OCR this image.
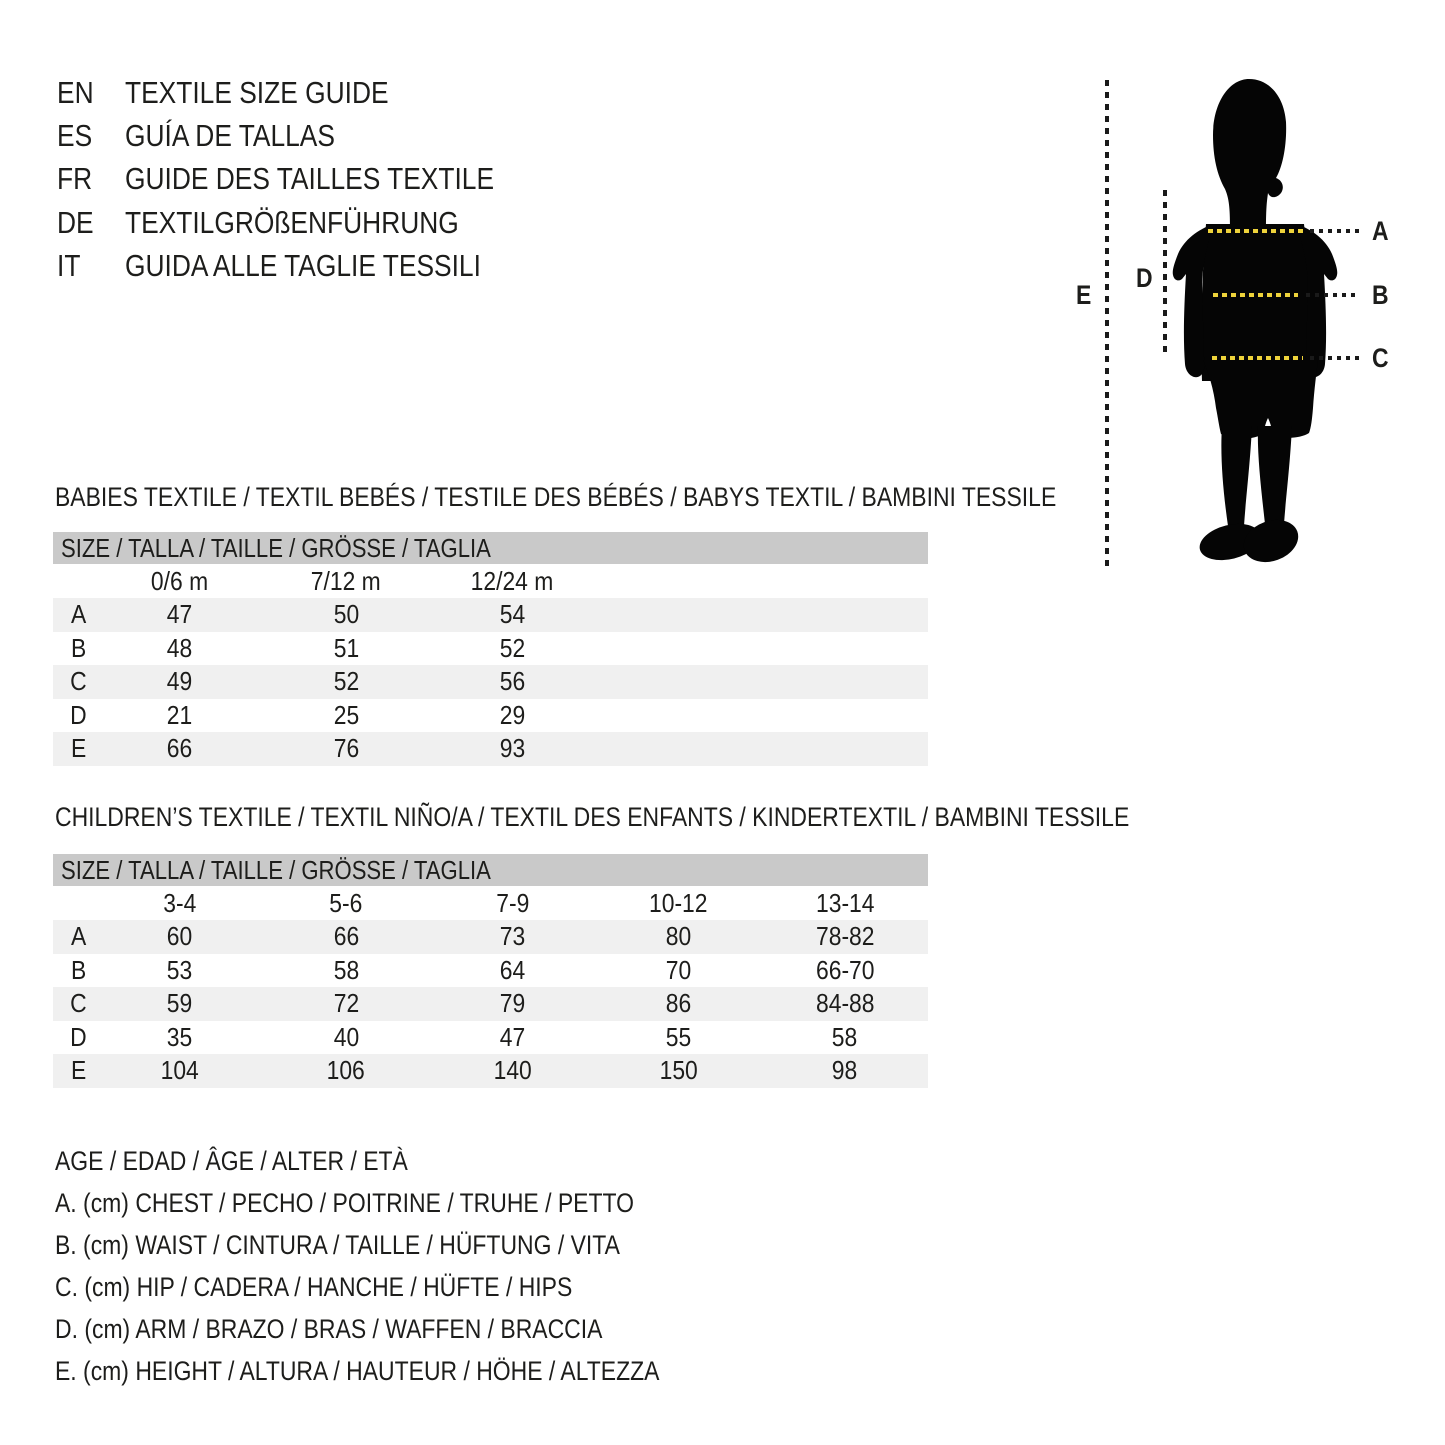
EN	TEXTILE SIZE GUIDE
ES	GUÍA DE TALLAS
FR	GUIDE DES TAILLES TEXTILE
DE	TEXTILGRÖßENFÜHRUNG
IT	GUIDA ALLE TAGLIE TESSILI
A
B
C
D
E
BABIES TEXTILE / TEXTIL BEBÉS / TESTILE DES BÉBÉS / BABYS TEXTIL / BAMBINI TESSILE
SIZE / TALLA / TAILLE / GRÖSSE / TAGLIA
	0/6 m	7/12 m	12/24 m		
A	47	50	54		
B	48	51	52		
C	49	52	56		
D	21	25	29		
E	66	76	93		
CHILDREN’S TEXTILE / TEXTIL NIÑO/A / TEXTIL DES ENFANTS / KINDERTEXTIL / BAMBINI TESSILE
SIZE / TALLA / TAILLE / GRÖSSE / TAGLIA
	3-4	5-6	7-9	10-12	13-14
A	60	66	73	80	78-82
B	53	58	64	70	66-70
C	59	72	79	86	84-88
D	35	40	47	55	58
E	104	106	140	150	98
AGE / EDAD / ÂGE / ALTER / ETÀ
A. (cm) CHEST / PECHO / POITRINE / TRUHE / PETTO
B. (cm) WAIST / CINTURA / TAILLE / HÜFTUNG / VITA
C. (cm) HIP / CADERA / HANCHE / HÜFTE / HIPS
D. (cm) ARM / BRAZO / BRAS / WAFFEN / BRACCIA
E. (cm) HEIGHT / ALTURA / HAUTEUR / HÖHE / ALTEZZA
